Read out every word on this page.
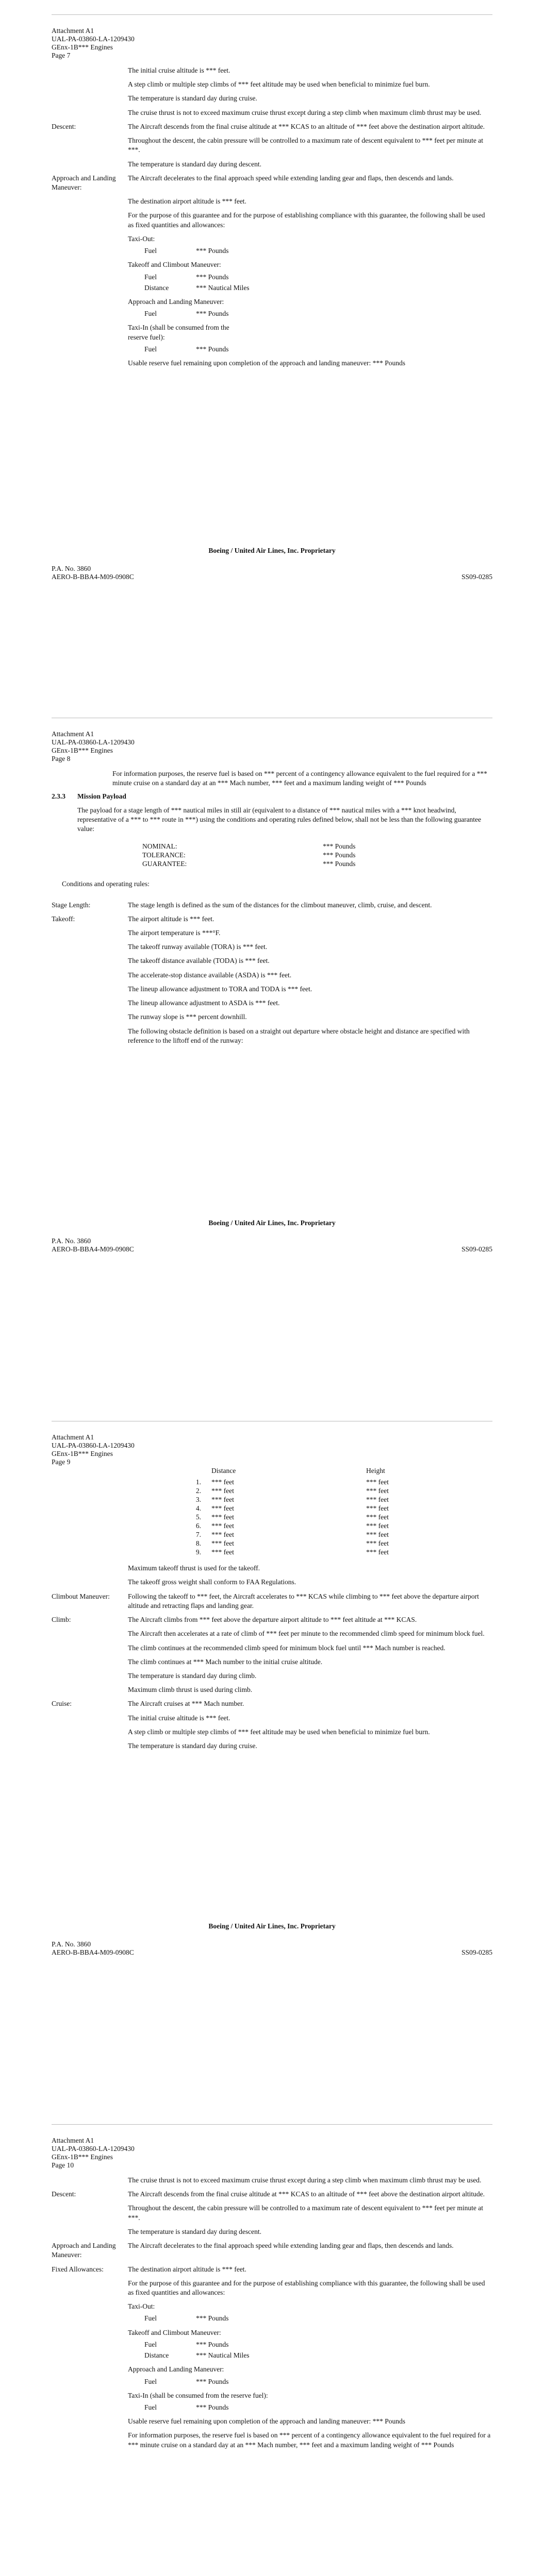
Attachment A1
UAL-PA-03860-LA-1209430
GEnx-1B*** Engines
Page 7
The initial cruise altitude is *** feet.
A step climb or multiple step climbs of *** feet altitude may be used when beneficial to minimize fuel burn.
The temperature is standard day during cruise.
The cruise thrust is not to exceed maximum cruise thrust except during a step climb when maximum climb thrust may be used.
Descent:	The Aircraft descends from the final cruise altitude at *** KCAS to an altitude of *** feet above the destination airport altitude.
Throughout the descent, the cabin pressure will be controlled to a maximum rate of descent equivalent to *** feet per minute at ***.
The temperature is standard day during descent.
Approach and Landing Maneuver:
The Aircraft decelerates to the final approach speed while extending landing gear and flaps, then descends and lands.
The destination airport altitude is *** feet.
For the purpose of this guarantee and for the purpose of establishing compliance with this guarantee, the following shall be used as fixed quantities and allowances:
Taxi-Out:
Fuel	*** Pounds
Takeoff and Climbout Maneuver:
Fuel	*** Pounds
Distance	*** Nautical Miles
Approach and Landing Maneuver:
Fuel	*** Pounds
Taxi-In (shall be consumed from the reserve fuel):
Fuel	*** Pounds
Usable reserve fuel remaining upon completion of the approach and landing maneuver: *** Pounds
Boeing / United Air Lines, Inc. Proprietary
P.A. No. 3860
AERO-B-BBA4-M09-0908C	SS09-0285
Attachment A1
UAL-PA-03860-LA-1209430
GEnx-1B*** Engines
Page 8
For information purposes, the reserve fuel is based on *** percent of a contingency allowance equivalent to the fuel required for a *** minute cruise on a standard day at an *** Mach number, *** feet and a maximum landing weight of *** Pounds
2.3.3	Mission Payload
The payload for a stage length of *** nautical miles in still air (equivalent to a distance of *** nautical miles with a *** knot headwind, representative of a *** to *** route in ***) using the conditions and operating rules defined below, shall not be less than the following guarantee value:
NOMINAL:	*** Pounds
TOLERANCE:	*** Pounds
GUARANTEE:	*** Pounds
Conditions and operating rules:
Stage Length:	The stage length is defined as the sum of the distances for the climbout maneuver, climb, cruise, and descent.
Takeoff:	The airport altitude is *** feet.
The airport temperature is ***°F.
The takeoff runway available (TORA) is *** feet.
The takeoff distance available (TODA) is *** feet.
The accelerate-stop distance available (ASDA) is *** feet.
The lineup allowance adjustment to TORA and TODA is *** feet.
The lineup allowance adjustment to ASDA is *** feet.
The runway slope is *** percent downhill.
The following obstacle definition is based on a straight out departure where obstacle height and distance are specified with reference to the liftoff end of the runway:
Boeing / United Air Lines, Inc. Proprietary
P.A. No. 3860
AERO-B-BBA4-M09-0908C	SS09-0285
Attachment A1
UAL-PA-03860-LA-1209430
GEnx-1B*** Engines
Page 9
Distance	Height
1.	*** feet	*** feet
2.	*** feet	*** feet
3.	*** feet	*** feet
4.	*** feet	*** feet
5.	*** feet	*** feet
6.	*** feet	*** feet
7.	*** feet	*** feet
8.	*** feet	*** feet
9.	*** feet	*** feet
Maximum takeoff thrust is used for the takeoff.
The takeoff gross weight shall conform to FAA Regulations.
Climbout Maneuver:	Following the takeoff to *** feet, the Aircraft accelerates to *** KCAS while climbing to *** feet above the departure airport altitude and retracting flaps and landing gear.
Climb:	The Aircraft climbs from *** feet above the departure airport altitude to *** feet altitude at *** KCAS.
The Aircraft then accelerates at a rate of climb of *** feet per minute to the recommended climb speed for minimum block fuel.
The climb continues at the recommended climb speed for minimum block fuel until *** Mach number is reached.
The climb continues at *** Mach number to the initial cruise altitude.
The temperature is standard day during climb.
Maximum climb thrust is used during climb.
Cruise:	The Aircraft cruises at *** Mach number.
The initial cruise altitude is *** feet.
A step climb or multiple step climbs of *** feet altitude may be used when beneficial to minimize fuel burn.
The temperature is standard day during cruise.
Boeing / United Air Lines, Inc. Proprietary
P.A. No. 3860
AERO-B-BBA4-M09-0908C	SS09-0285
Attachment A1
UAL-PA-03860-LA-1209430
GEnx-1B*** Engines
Page 10
The cruise thrust is not to exceed maximum cruise thrust except during a step climb when maximum climb thrust may be used.
Descent:	The Aircraft descends from the final cruise altitude at *** KCAS to an altitude of *** feet above the destination airport altitude.
Throughout the descent, the cabin pressure will be controlled to a maximum rate of descent equivalent to *** feet per minute at ***.
The temperature is standard day during descent.
Approach and Landing Maneuver:
The Aircraft decelerates to the final approach speed while extending landing gear and flaps, then descends and lands.
Fixed Allowances:	The destination airport altitude is *** feet.
For the purpose of this guarantee and for the purpose of establishing compliance with this guarantee, the following shall be used as fixed quantities and allowances:
Taxi-Out:
Fuel	*** Pounds
Takeoff and Climbout Maneuver:
Fuel	*** Pounds
Distance	*** Nautical Miles
Approach and Landing Maneuver:
Fuel	*** Pounds
Taxi-In (shall be consumed from the reserve fuel):
Fuel	*** Pounds
Usable reserve fuel remaining upon completion of the approach and landing maneuver: *** Pounds
For information purposes, the reserve fuel is based on *** percent of a contingency allowance equivalent to the fuel required for a *** minute cruise on a standard day at an *** Mach number, *** feet and a maximum landing weight of *** Pounds
